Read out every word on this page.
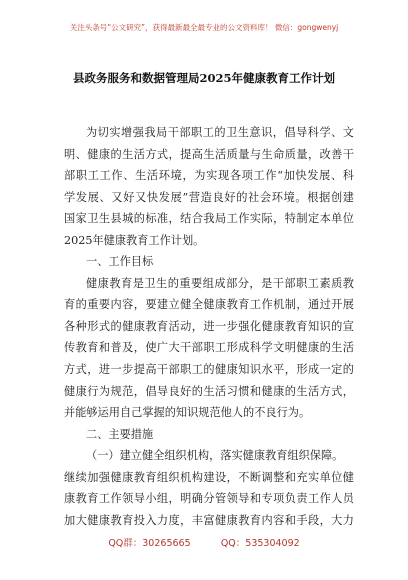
关注头条号“公文研究”，获得最新最全最专业的公文资料库！ 微信：gongwenyj
县政务服务和数据管理局2025年健康教育工作计划
为切实增强我局干部职工的卫生意识，倡导科学、文
明、健康的生活方式，提高生活质量与生命质量，改善干
部职工工作、生活环境，为实现各项工作“加快发展、科
学发展、又好又快发展”营造良好的社会环境。根据创建
国家卫生县城的标准，结合我局工作实际，特制定本单位
2025年健康教育工作计划。
一、工作目标
健康教育是卫生的重要组成部分，是干部职工素质教
育的重要内容，要建立健全健康教育工作机制，通过开展
各种形式的健康教育活动，进一步强化健康教育知识的宣
传教育和普及，使广大干部职工形成科学文明健康的生活
方式，进一步提高干部职工的健康知识水平，形成一定的
健康行为规范，倡导良好的生活习惯和健康的生活方式，
并能够运用自己掌握的知识规范他人的不良行为。
二、主要措施
（一）建立健全组织机构，落实健康教育组织保障。
继续加强健康教育组织机构建设，不断调整和充实单位健
康教育工作领导小组，明确分管领导和专项负责工作人员
加大健康教育投入力度，丰富健康教育内容和手段，大力
QQ群：30265665	QQ：535304092
